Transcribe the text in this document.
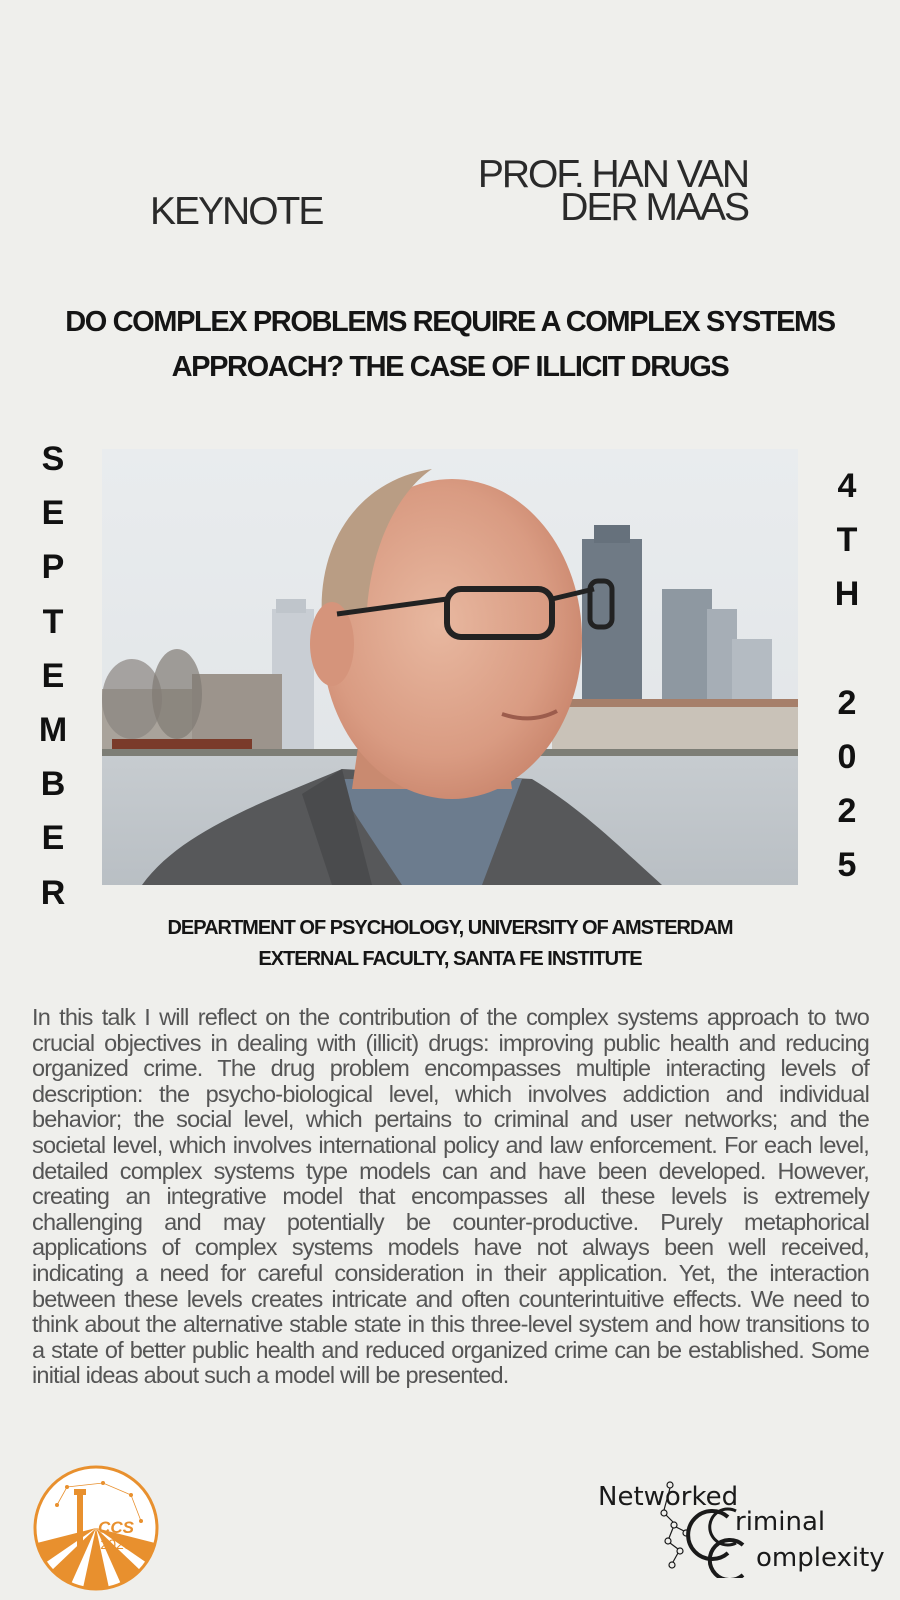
KEYNOTE
PROF. HAN VAN
DER MAAS
DO COMPLEX PROBLEMS REQUIRE A COMPLEX SYSTEMS
APPROACH? THE CASE OF ILLICIT DRUGS
S
E
P
T
E
M
B
E
R
4
T
H

2
0
2
5
DEPARTMENT OF PSYCHOLOGY, UNIVERSITY OF AMSTERDAM
EXTERNAL FACULTY, SANTA FE INSTITUTE
In this talk I will reflect on the contribution of the complex systems approach to two crucial objectives in dealing with (illicit) drugs: improving public health and reducing organized crime. The drug problem encompasses multiple interacting levels of description: the psycho-biological level, which involves addiction and individual behavior; the social level, which pertains to criminal and user networks; and the societal level, which involves international policy and law enforcement. For each level, detailed complex systems type models can and have been developed. However, creating an integrative model that encompasses all these levels is extremely challenging and may potentially be counter-productive. Purely metaphorical applications of complex systems models have not always been well received, indicating a need for careful consideration in their application. Yet, the interaction between these levels creates intricate and often counterintuitive effects. We need to think about the alternative stable state in this three-level system and how transitions to a state of better public health and reduced organized crime can be established. Some initial ideas about such a model will be presented.
CCS
2025
Networked
riminal
omplexity
